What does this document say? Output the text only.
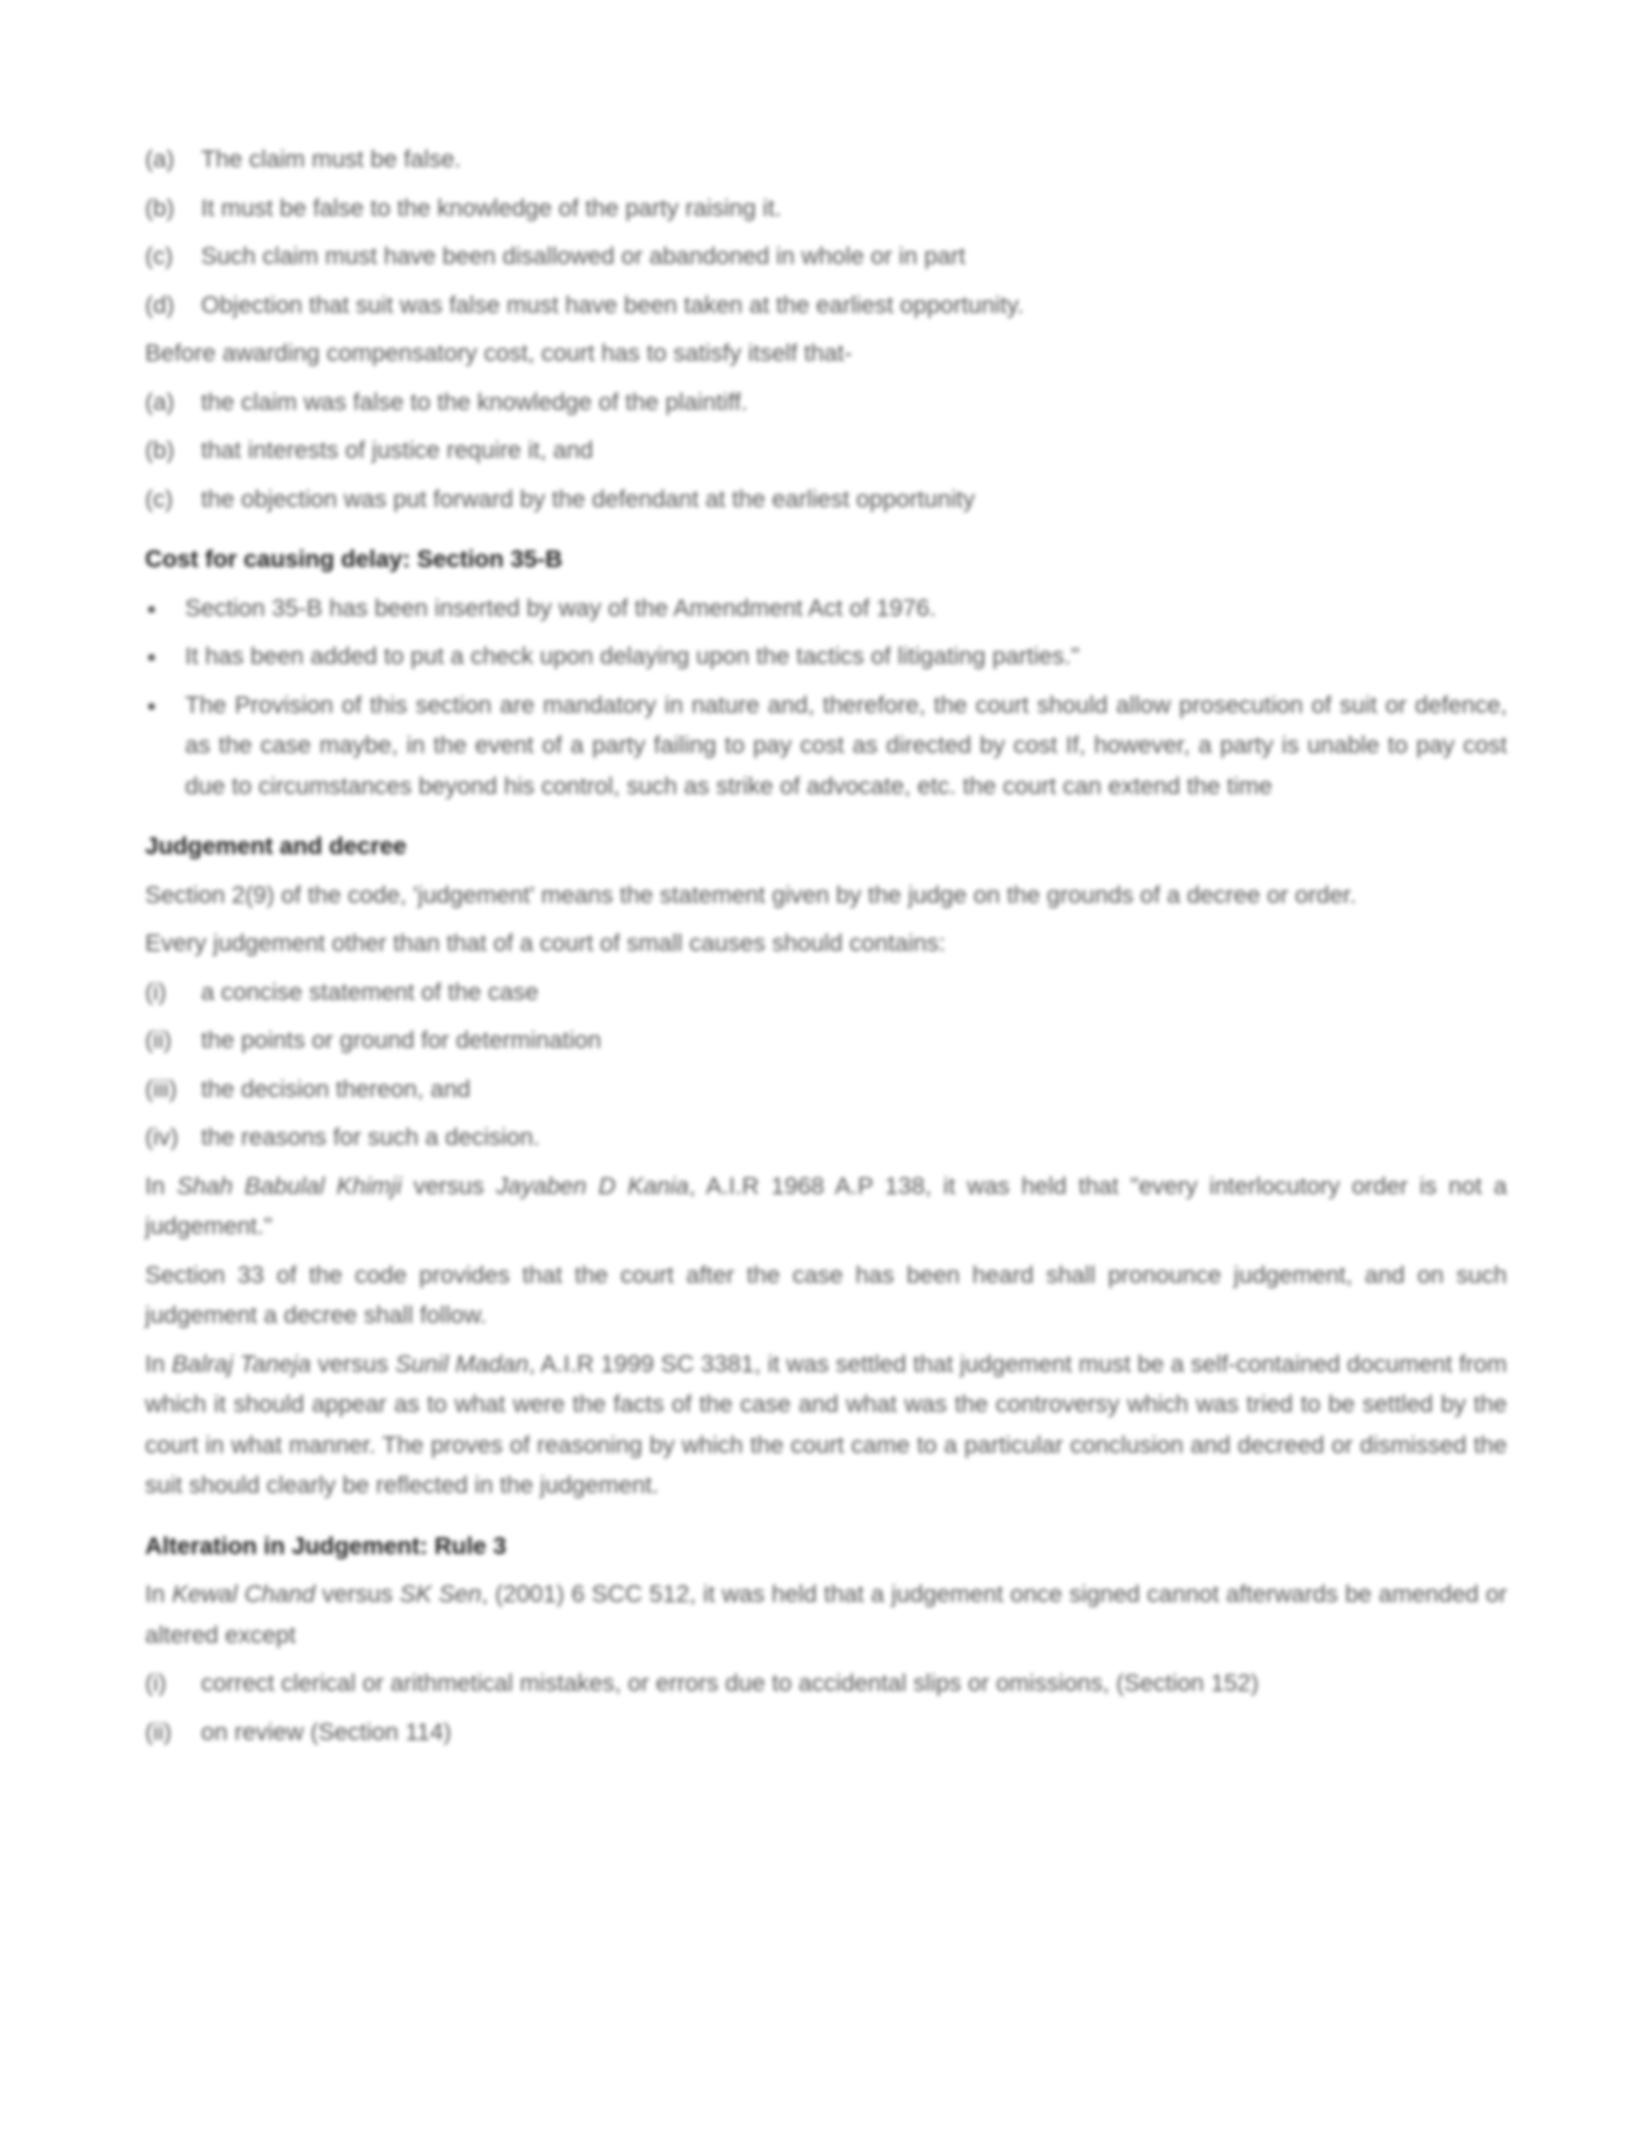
(a)	The claim must be false.
(b)	It must be false to the knowledge of the party raising it.
(c)	Such claim must have been disallowed or abandoned in whole or in part
(d)	Objection that suit was false must have been taken at the earliest opportunity.
Before awarding compensatory cost, court has to satisfy itself that-
(a)	the claim was false to the knowledge of the plaintiff.
(b)	that interests of justice require it, and
(c)	the objection was put forward by the defendant at the earliest opportunity
Cost for causing delay: Section 35-B
Section 35-B has been inserted by way of the Amendment Act of 1976.
It has been added to put a check upon delaying upon the tactics of litigating parties."
The Provision of this section are mandatory in nature and, therefore, the court should allow prosecution of suit or defence, as the case maybe, in the event of a party failing to pay cost as directed by cost If, however, a party is unable to pay cost due to circumstances beyond his control, such as strike of advocate, etc. the court can extend the time
Judgement and decree
Section 2(9) of the code, 'judgement' means the statement given by the judge on the grounds of a decree or order.
Every judgement other than that of a court of small causes should contains:
(i)	a concise statement of the case
(ii)	the points or ground for determination
(iii)	the decision thereon, and
(iv) the reasons for such a decision.
In Shah Babulal Khimji versus Jayaben D Kania, A.I.R 1968 A.P 138, it was held that "every interlocutory order is not a judgement."
Section 33 of the code provides that the court after the case has been heard shall pronounce judgement, and on such judgement a decree shall follow.
In Balraj Taneja versus Sunil Madan, A.I.R 1999 SC 3381, it was settled that judgement must be a self-contained document from which it should appear as to what were the facts of the case and what was the controversy which was tried to be settled by the court in what manner. The proves of reasoning by which the court came to a particular conclusion and decreed or dismissed the suit should clearly be reflected in the judgement.
Alteration in Judgement: Rule 3
In Kewal Chand versus SK Sen, (2001) 6 SCC 512, it was held that a judgement once signed cannot afterwards be amended or altered except
(i)	correct clerical or arithmetical mistakes, or errors due to accidental slips or omissions, (Section 152)
(ii)	on review (Section 114)
